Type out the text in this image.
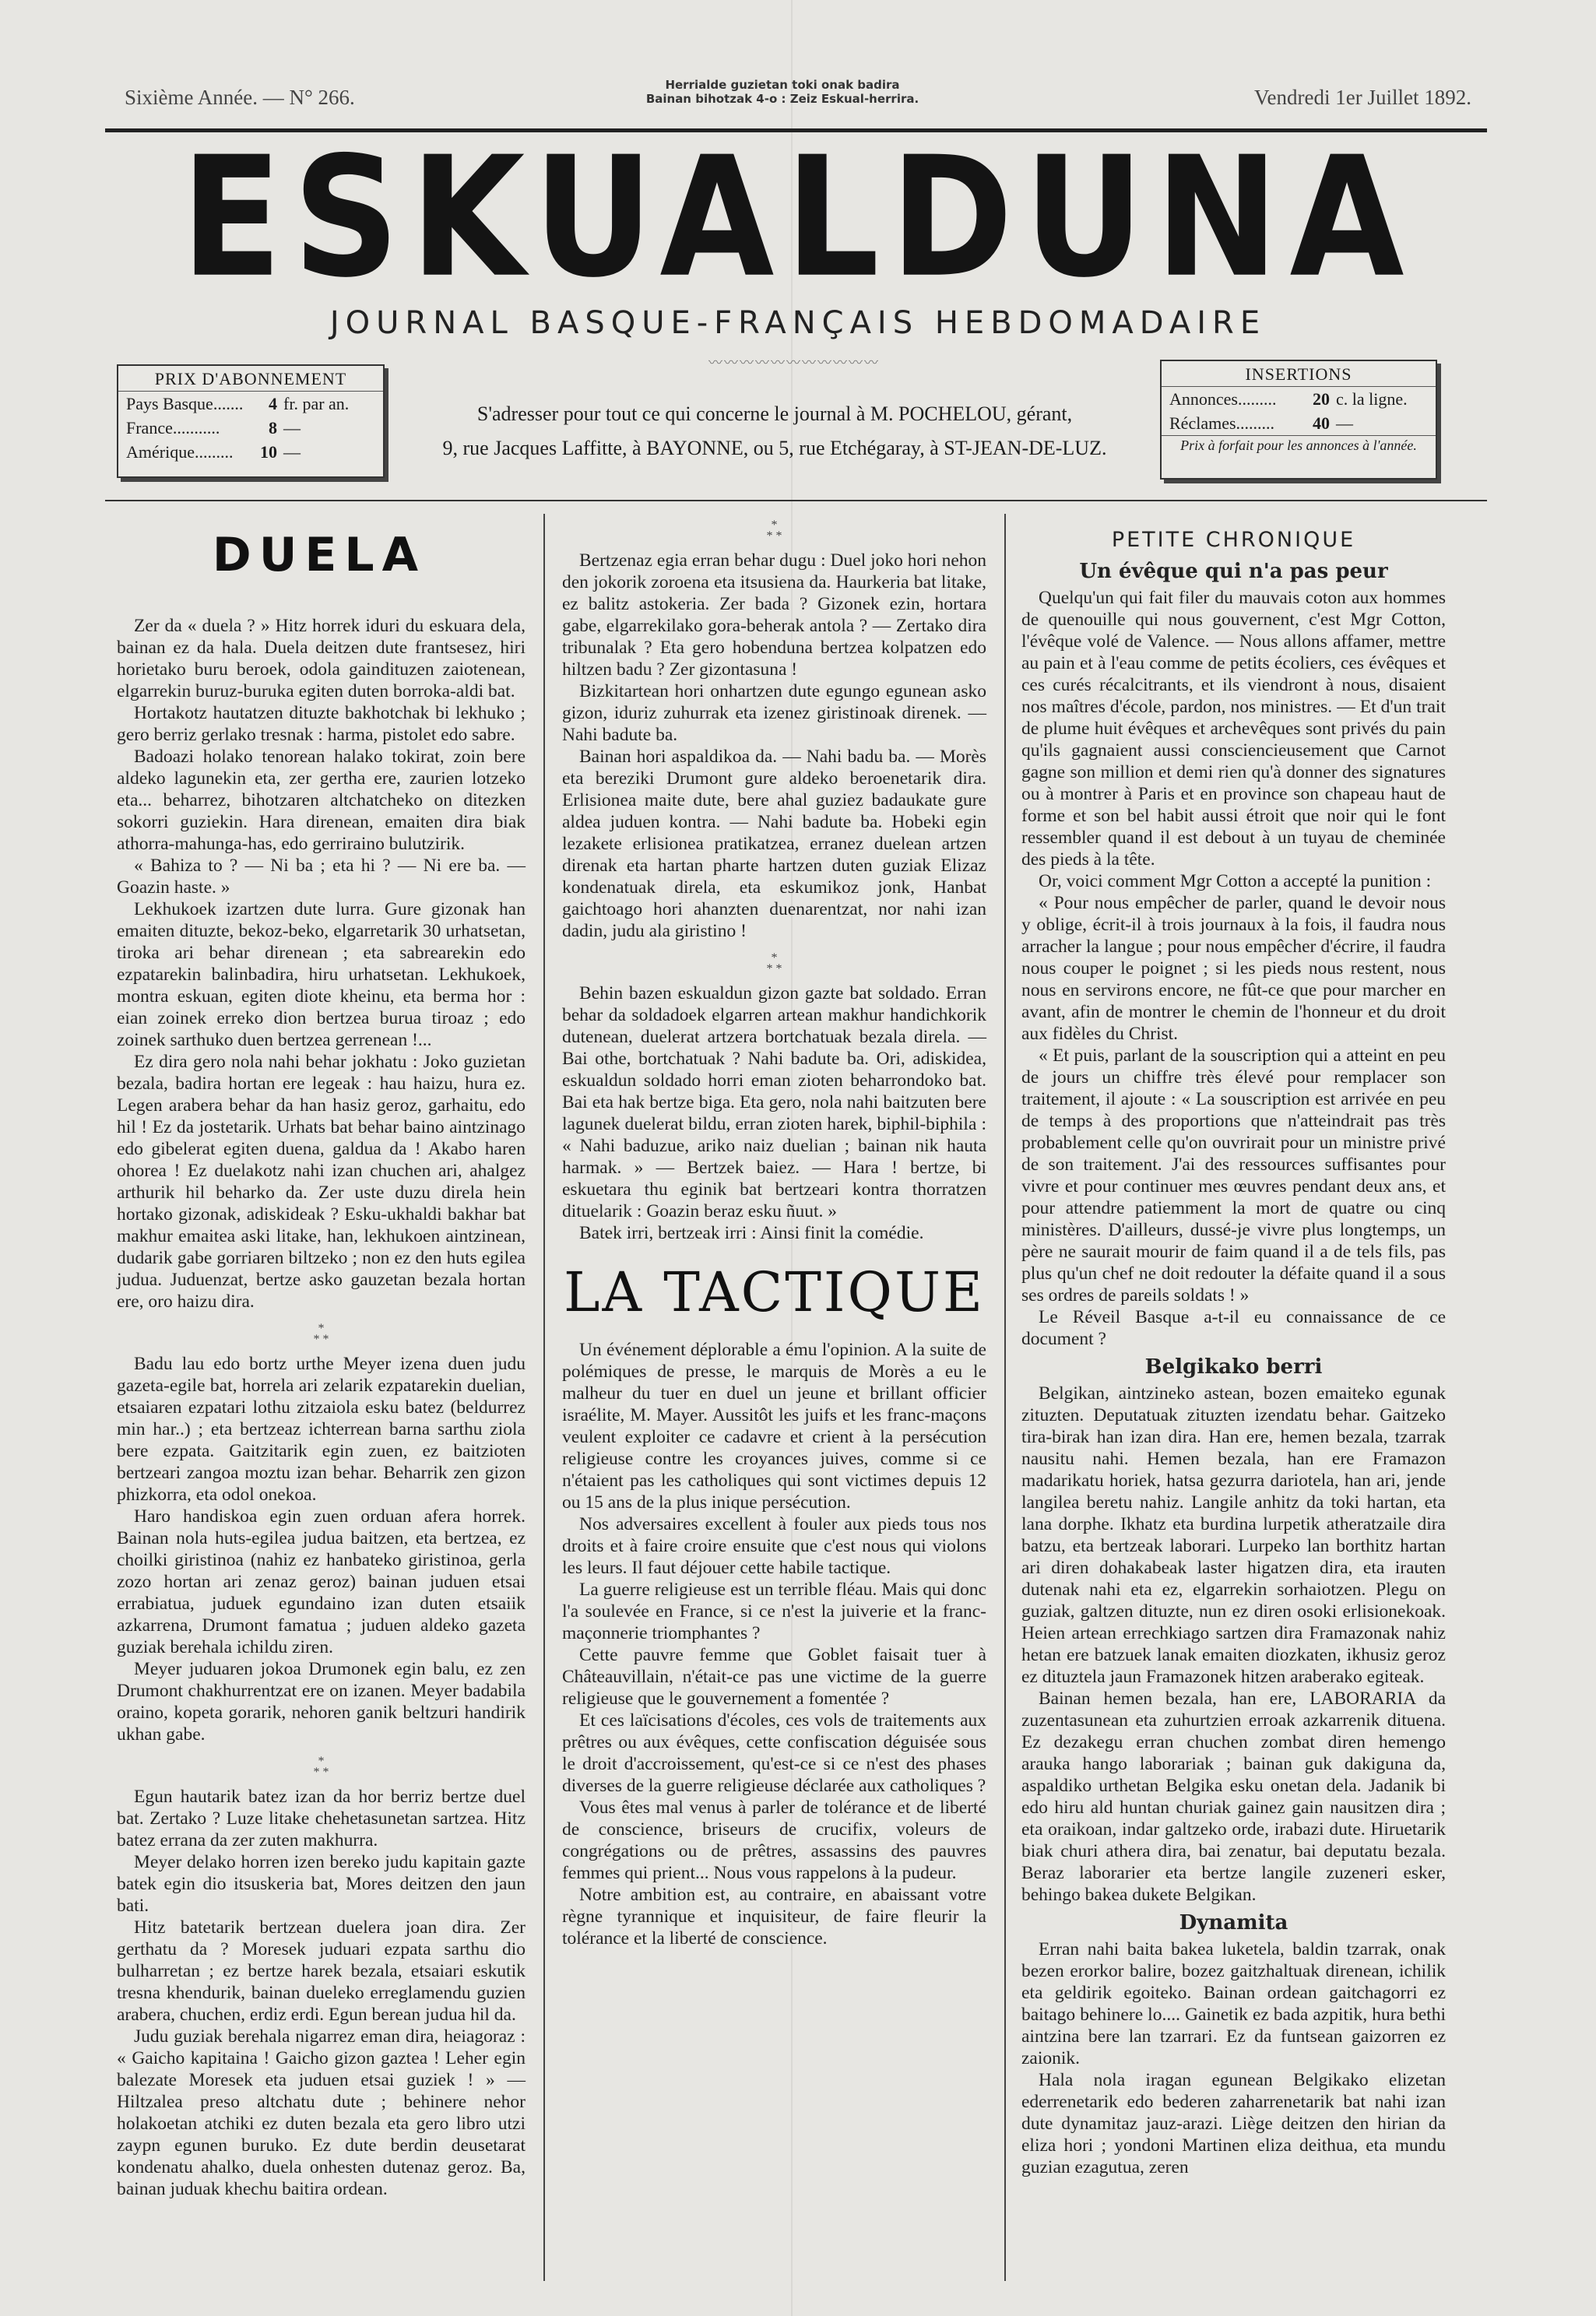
Sixième Année. — N° 266.
Herrialde guzietan toki onak badira
Bainan bihotzak 4-o : Zeiz Eskual-herrira.	Vendredi 1er Juillet 1892.
ESKUALDUNA
JOURNAL BASQUE-FRANÇAIS HEBDOMADAIRE
〰〰〰〰〰〰〰〰〰〰〰
PRIX D'ABONNEMENT
Pays Basque.......	4 fr. par an.
France...........	8 —
Amérique.........	10 —
S'adresser pour tout ce qui concerne le journal à M. POCHELOU, gérant,
9, rue Jacques Laffitte, à BAYONNE, ou 5, rue Etchégaray, à ST-JEAN-DE-LUZ.
INSERTIONS
Annonces.........	20 c. la ligne.
Réclames.........	40 —
Prix à forfait pour les annonces à l'année.
DUELA

Zer da « duela ? » Hitz horrek iduri du eskuara dela, bainan ez da hala. Duela deitzen dute frantsesez, hiri horietako buru beroek, odola gaindituzen zaiotenean, elgarrekin buruz-buruka egiten duten borroka-aldi bat.

Hortakotz hautatzen dituzte bakhotchak bi lekhuko ; gero berriz gerlako tresnak : harma, pistolet edo sabre.

Badoazi holako tenorean halako tokirat, zoin bere aldeko lagunekin eta, zer gertha ere, zaurien lotzeko eta... beharrez, bihotzaren altchatcheko on ditezken sokorri guziekin. Hara direnean, emaiten dira biak athorra-mahunga-has, edo gerriraino bulutzirik.

« Bahiza to ? — Ni ba ; eta hi ? — Ni ere ba. — Goazin haste. »

Lekhukoek izartzen dute lurra. Gure gizonak han emaiten dituzte, bekoz-beko, elgarretarik 30 urhatsetan, tiroka ari behar direnean ; eta sabrearekin edo ezpatarekin balinbadira, hiru urhatsetan. Lekhukoek, montra eskuan, egiten diote kheinu, eta berma hor : eian zoinek erreko dion bertzea burua tiroaz ; edo zoinek sarthuko duen bertzea gerrenean !...

Ez dira gero nola nahi behar jokhatu : Joko guzietan bezala, badira hortan ere legeak : hau haizu, hura ez. Legen arabera behar da han hasiz geroz, garhaitu, edo hil ! Ez da jostetarik. Urhats bat behar baino aintzinago edo gibelerat egiten duena, galdua da ! Akabo haren ohorea ! Ez duelakotz nahi izan chuchen ari, ahalgez arthurik hil beharko da. Zer uste duzu direla hein hortako gizonak, adiskideak ? Esku-ukhaldi bakhar bat makhur emaitea aski litake, han, lekhukoen aintzinean, dudarik gabe gorriaren biltzeko ; non ez den huts egilea judua. Juduenzat, bertze asko gauzetan bezala hortan ere, oro haizu dira.

*
* *

Badu lau edo bortz urthe Meyer izena duen judu gazeta-egile bat, horrela ari zelarik ezpatarekin duelian, etsaiaren ezpatari lothu zitzaiola esku batez (beldurrez min har..) ; eta bertzeaz ichterrean barna sarthu ziola bere ezpata. Gaitzitarik egin zuen, ez baitzioten bertzeari zangoa moztu izan behar. Beharrik zen gizon phizkorra, eta odol onekoa.

Haro handiskoa egin zuen orduan afera horrek. Bainan nola huts-egilea judua baitzen, eta bertzea, ez choilki giristinoa (nahiz ez hanbateko giristinoa, gerla zozo hortan ari zenaz geroz) bainan juduen etsai errabiatua, juduek egundaino izan duten etsaiik azkarrena, Drumont famatua ; juduen aldeko gazeta guziak berehala ichildu ziren.

Meyer juduaren jokoa Drumonek egin balu, ez zen Drumont chakhurrentzat ere on izanen. Meyer badabila oraino, kopeta gorarik, nehoren ganik beltzuri handirik ukhan gabe.

*
* *

Egun hautarik batez izan da hor berriz bertze duel bat. Zertako ? Luze litake chehetasunetan sartzea. Hitz batez errana da zer zuten makhurra.

Meyer delako horren izen bereko judu kapitain gazte batek egin dio itsuskeria bat, Mores deitzen den jaun bati.

Hitz batetarik bertzean duelera joan dira. Zer gerthatu da ? Moresek juduari ezpata sarthu dio bulharretan ; ez bertze harek bezala, etsaiari eskutik tresna khendurik, bainan dueleko erreglamendu guzien arabera, chuchen, erdiz erdi. Egun berean judua hil da.

Judu guziak berehala nigarrez eman dira, heiagoraz : « Gaicho kapitaina ! Gaicho gizon gaztea ! Leher egin balezate Moresek eta juduen etsai guziek ! » — Hiltzalea preso altchatu dute ; behinere nehor holakoetan atchiki ez duten bezala eta gero libro utzi zaypn egunen buruko. Ez dute berdin deusetarat kondenatu ahalko, duela onhesten dutenaz geroz. Ba, bainan juduak khechu baitira ordean.

*
* *

Bertzenaz egia erran behar dugu : Duel joko hori nehon den jokorik zoroena eta itsusiena da. Haurkeria bat litake, ez balitz astokeria. Zer bada ? Gizonek ezin, hortara gabe, elgarrekilako gora-beherak antola ? — Zertako dira tribunalak ? Eta gero hobenduna bertzea kolpatzen edo hiltzen badu ? Zer gizontasuna !

Bizkitartean hori onhartzen dute egungo egunean asko gizon, iduriz zuhurrak eta izenez giristinoak direnek. — Nahi badute ba.

Bainan hori aspaldikoa da. — Nahi badu ba. — Morès eta bereziki Drumont gure aldeko beroenetarik dira. Erlisionea maite dute, bere ahal guziez badaukate gure aldea juduen kontra. — Nahi badute ba. Hobeki egin lezakete erlisionea pratikatzea, erranez duelean artzen direnak eta hartan pharte hartzen duten guziak Elizaz kondenatuak direla, eta eskumikoz jonk, Hanbat gaichtoago hori ahanzten duenarentzat, nor nahi izan dadin, judu ala giristino !

*
* *

Behin bazen eskualdun gizon gazte bat soldado. Erran behar da soldadoek elgarren artean makhur handichkorik dutenean, duelerat artzera bortchatuak bezala direla. — Bai othe, bortchatuak ? Nahi badute ba. Ori, adiskidea, eskualdun soldado horri eman zioten beharrondoko bat. Bai eta hak bertze biga. Eta gero, nola nahi baitzuten bere lagunek duelerat bildu, erran zioten harek, biphil-biphila : « Nahi baduzue, ariko naiz duelian ; bainan nik hauta harmak. » — Bertzek baiez. — Hara ! bertze, bi eskuetara thu eginik bat bertzeari kontra thorratzen dituelarik : Goazin beraz esku ñuut. »

Batek irri, bertzeak irri : Ainsi finit la comédie.

LA TACTIQUE

Un événement déplorable a ému l'opinion. A la suite de polémiques de presse, le marquis de Morès a eu le malheur du tuer en duel un jeune et brillant officier israélite, M. Mayer. Aussitôt les juifs et les franc-maçons veulent exploiter ce cadavre et crient à la persécution religieuse contre les croyances juives, comme si ce n'étaient pas les catholiques qui sont victimes depuis 12 ou 15 ans de la plus inique persécution.

Nos adversaires excellent à fouler aux pieds tous nos droits et à faire croire ensuite que c'est nous qui violons les leurs. Il faut déjouer cette habile tactique.

La guerre religieuse est un terrible fléau. Mais qui donc l'a soulevée en France, si ce n'est la juiverie et la franc-maçonnerie triomphantes ?

Cette pauvre femme que Goblet faisait tuer à Châteauvillain, n'était-ce pas une victime de la guerre religieuse que le gouvernement a fomentée ?

Et ces laïcisations d'écoles, ces vols de traitements aux prêtres ou aux évêques, cette confiscation déguisée sous le droit d'accroissement, qu'est-ce si ce n'est des phases diverses de la guerre religieuse déclarée aux catholiques ?

Vous êtes mal venus à parler de tolérance et de liberté de conscience, briseurs de crucifix, voleurs de congrégations ou de prêtres, assassins des pauvres femmes qui prient... Nous vous rappelons à la pudeur.

Notre ambition est, au contraire, en abaissant votre règne tyrannique et inquisiteur, de faire fleurir la tolérance et la liberté de conscience.

PETITE CHRONIQUE
Un évêque qui n'a pas peur

Quelqu'un qui fait filer du mauvais coton aux hommes de quenouille qui nous gouvernent, c'est Mgr Cotton, l'évêque volé de Valence. — Nous allons affamer, mettre au pain et à l'eau comme de petits écoliers, ces évêques et ces curés récalcitrants, et ils viendront à nous, disaient nos maîtres d'école, pardon, nos ministres. — Et d'un trait de plume huit évêques et archevêques sont privés du pain qu'ils gagnaient aussi consciencieusement que Carnot gagne son million et demi rien qu'à donner des signatures ou à montrer à Paris et en province son chapeau haut de forme et son bel habit aussi étroit que noir qui le font ressembler quand il est debout à un tuyau de cheminée des pieds à la tête.

Or, voici comment Mgr Cotton a accepté la punition :

« Pour nous empêcher de parler, quand le devoir nous y oblige, écrit-il à trois journaux à la fois, il faudra nous arracher la langue ; pour nous empêcher d'écrire, il faudra nous couper le poignet ; si les pieds nous restent, nous nous en servirons encore, ne fût-ce que pour marcher en avant, afin de montrer le chemin de l'honneur et du droit aux fidèles du Christ.

« Et puis, parlant de la souscription qui a atteint en peu de jours un chiffre très élevé pour remplacer son traitement, il ajoute : « La souscription est arrivée en peu de temps à des proportions que n'atteindrait pas très probablement celle qu'on ouvrirait pour un ministre privé de son traitement. J'ai des ressources suffisantes pour vivre et pour continuer mes œuvres pendant deux ans, et pour attendre patiemment la mort de quatre ou cinq ministères. D'ailleurs, dussé-je vivre plus longtemps, un père ne saurait mourir de faim quand il a de tels fils, pas plus qu'un chef ne doit redouter la défaite quand il a sous ses ordres de pareils soldats ! »

Le Réveil Basque a-t-il eu connaissance de ce document ?

Belgikako berri

Belgikan, aintzineko astean, bozen emaiteko egunak zituzten. Deputatuak zituzten izendatu behar. Gaitzeko tira-birak han izan dira. Han ere, hemen bezala, tzarrak nausitu nahi. Hemen bezala, han ere Framazon madarikatu horiek, hatsa gezurra dariotela, han ari, jende langilea beretu nahiz. Langile anhitz da toki hartan, eta lana dorphe. Ikhatz eta burdina lurpetik atheratzaile dira batzu, eta bertzeak laborari. Lurpeko lan borthitz hartan ari diren dohakabeak laster higatzen dira, eta irauten dutenak nahi eta ez, elgarrekin sorhaiotzen. Plegu on guziak, galtzen dituzte, nun ez diren osoki erlisionekoak. Heien artean errechkiago sartzen dira Framazonak nahiz hetan ere batzuek lanak emaiten diozkaten, ikhusiz geroz ez dituztela jaun Framazonek hitzen araberako egiteak.

Bainan hemen bezala, han ere, LABORARIA da zuzentasunean eta zuhurtzien erroak azkarrenik dituena. Ez dezakegu erran chuchen zombat diren hemengo arauka hango laborariak ; bainan guk dakiguna da, aspaldiko urthetan Belgika esku onetan dela. Jadanik bi edo hiru ald huntan churiak gainez gain nausitzen dira ; eta oraikoan, indar galtzeko orde, irabazi dute. Hiruetarik biak churi athera dira, bai zenatur, bai deputatu bezala. Beraz laborarier eta bertze langile zuzeneri esker, behingo bakea dukete Belgikan.

Dynamita

Erran nahi baita bakea luketela, baldin tzarrak, onak bezen erorkor balire, bozez gaitzhaltuak direnean, ichilik eta geldirik egoiteko. Bainan ordean gaitchagorri ez baitago behinere lo.... Gainetik ez bada azpitik, hura bethi aintzina bere lan tzarrari. Ez da funtsean gaizorren ez zaionik.

Hala nola iragan egunean Belgikako elizetan ederrenetarik edo bederen zaharrenetarik bat nahi izan dute dynamitaz jauz-arazi. Liège deitzen den hirian da eliza hori ; yondoni Martinen eliza deithua, eta mundu guzian ezagutua, zeren
